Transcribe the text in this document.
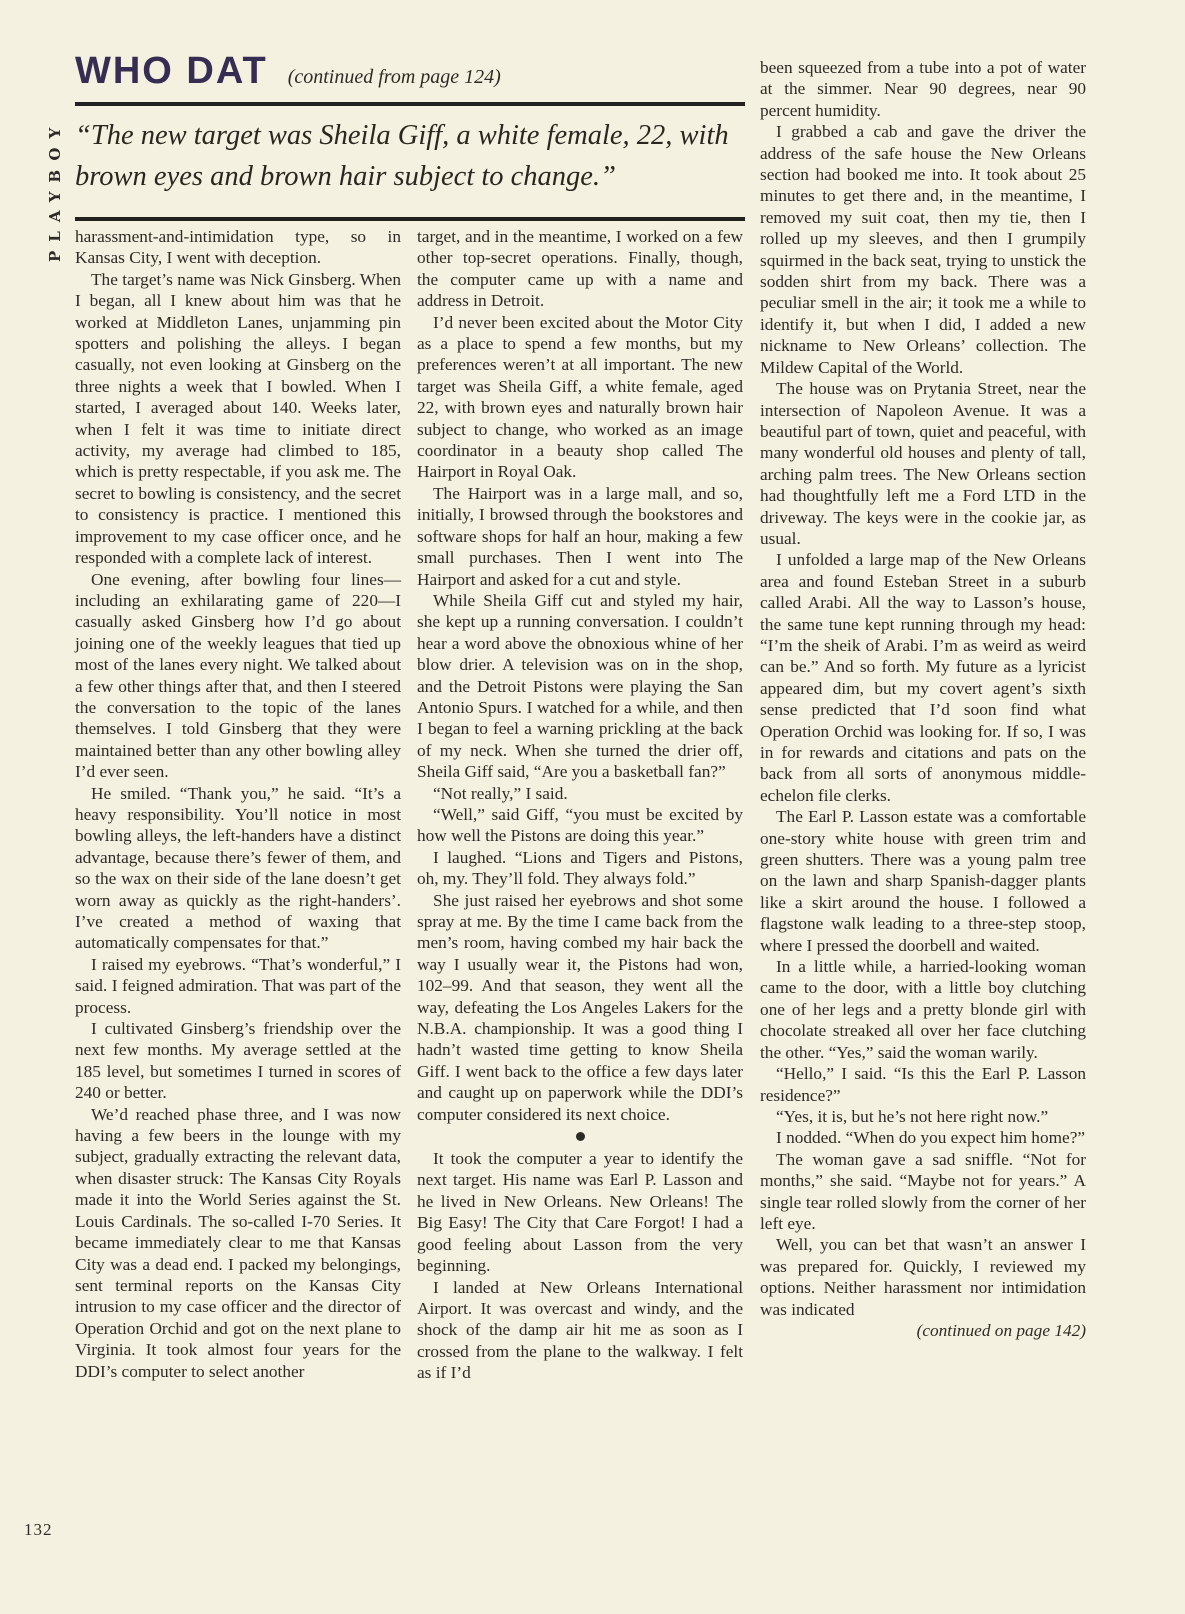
PLAYBOY
132
WHO DAT (continued from page 124)
“The new target was Sheila Giff, a white female, 22, with brown eyes and brown hair subject to change.”

harassment-and-intimidation type, so in Kansas City, I went with deception.

The target’s name was Nick Ginsberg. When I began, all I knew about him was that he worked at Middleton Lanes, unjamming pin spotters and polishing the alleys. I began casually, not even looking at Ginsberg on the three nights a week that I bowled. When I started, I averaged about 140. Weeks later, when I felt it was time to initiate direct activity, my average had climbed to 185, which is pretty respectable, if you ask me. The secret to bowling is consistency, and the secret to consistency is practice. I mentioned this improvement to my case officer once, and he responded with a complete lack of interest.

One evening, after bowling four lines—including an exhilarating game of 220—I casually asked Ginsberg how I’d go about joining one of the weekly leagues that tied up most of the lanes every night. We talked about a few other things after that, and then I steered the conversation to the topic of the lanes themselves. I told Ginsberg that they were maintained better than any other bowling alley I’d ever seen.

He smiled. “Thank you,” he said. “It’s a heavy responsibility. You’ll notice in most bowling alleys, the left-handers have a distinct advantage, because there’s fewer of them, and so the wax on their side of the lane doesn’t get worn away as quickly as the right-handers’. I’ve created a method of waxing that automatically compensates for that.”

I raised my eyebrows. “That’s wonderful,” I said. I feigned admiration. That was part of the process.

I cultivated Ginsberg’s friendship over the next few months. My average settled at the 185 level, but sometimes I turned in scores of 240 or better.

We’d reached phase three, and I was now having a few beers in the lounge with my subject, gradually extracting the relevant data, when disaster struck: The Kansas City Royals made it into the World Series against the St. Louis Cardinals. The so-called I-70 Series. It became immediately clear to me that Kansas City was a dead end. I packed my belongings, sent terminal reports on the Kansas City intrusion to my case officer and the director of Operation Orchid and got on the next plane to Virginia. It took almost four years for the DDI’s computer to select another

target, and in the meantime, I worked on a few other top-secret operations. Finally, though, the computer came up with a name and address in Detroit.

I’d never been excited about the Motor City as a place to spend a few months, but my preferences weren’t at all important. The new target was Sheila Giff, a white female, aged 22, with brown eyes and naturally brown hair subject to change, who worked as an image coordinator in a beauty shop called The Hairport in Royal Oak.

The Hairport was in a large mall, and so, initially, I browsed through the bookstores and software shops for half an hour, making a few small purchases. Then I went into The Hairport and asked for a cut and style.

While Sheila Giff cut and styled my hair, she kept up a running conversation. I couldn’t hear a word above the obnoxious whine of her blow drier. A television was on in the shop, and the Detroit Pistons were playing the San Antonio Spurs. I watched for a while, and then I began to feel a warning prickling at the back of my neck. When she turned the drier off, Sheila Giff said, “Are you a basketball fan?”

“Not really,” I said.

“Well,” said Giff, “you must be excited by how well the Pistons are doing this year.”

I laughed. “Lions and Tigers and Pistons, oh, my. They’ll fold. They always fold.”

She just raised her eyebrows and shot some spray at me. By the time I came back from the men’s room, having combed my hair back the way I usually wear it, the Pistons had won, 102–99. And that season, they went all the way, defeating the Los Angeles Lakers for the N.B.A. championship. It was a good thing I hadn’t wasted time getting to know Sheila Giff. I went back to the office a few days later and caught up on paperwork while the DDI’s computer considered its next choice.

It took the computer a year to identify the next target. His name was Earl P. Lasson and he lived in New Orleans. New Orleans! The Big Easy! The City that Care Forgot! I had a good feeling about Lasson from the very beginning.

I landed at New Orleans International Airport. It was overcast and windy, and the shock of the damp air hit me as soon as I crossed from the plane to the walkway. I felt as if I’d

been squeezed from a tube into a pot of water at the simmer. Near 90 degrees, near 90 percent humidity.

I grabbed a cab and gave the driver the address of the safe house the New Orleans section had booked me into. It took about 25 minutes to get there and, in the meantime, I removed my suit coat, then my tie, then I rolled up my sleeves, and then I grumpily squirmed in the back seat, trying to unstick the sodden shirt from my back. There was a peculiar smell in the air; it took me a while to identify it, but when I did, I added a new nickname to New Orleans’ collection. The Mildew Capital of the World.

The house was on Prytania Street, near the intersection of Napoleon Avenue. It was a beautiful part of town, quiet and peaceful, with many wonderful old houses and plenty of tall, arching palm trees. The New Orleans section had thoughtfully left me a Ford LTD in the driveway. The keys were in the cookie jar, as usual.

I unfolded a large map of the New Orleans area and found Esteban Street in a suburb called Arabi. All the way to Lasson’s house, the same tune kept running through my head: “I’m the sheik of Arabi. I’m as weird as weird can be.” And so forth. My future as a lyricist appeared dim, but my covert agent’s sixth sense predicted that I’d soon find what Operation Orchid was looking for. If so, I was in for rewards and citations and pats on the back from all sorts of anonymous middle-echelon file clerks.

The Earl P. Lasson estate was a comfortable one-story white house with green trim and green shutters. There was a young palm tree on the lawn and sharp Spanish-dagger plants like a skirt around the house. I followed a flagstone walk leading to a three-step stoop, where I pressed the doorbell and waited.

In a little while, a harried-looking woman came to the door, with a little boy clutching one of her legs and a pretty blonde girl with chocolate streaked all over her face clutching the other. “Yes,” said the woman warily.

“Hello,” I said. “Is this the Earl P. Lasson residence?”

“Yes, it is, but he’s not here right now.”

I nodded. “When do you expect him home?”

The woman gave a sad sniffle. “Not for months,” she said. “Maybe not for years.” A single tear rolled slowly from the corner of her left eye.

Well, you can bet that wasn’t an answer I was prepared for. Quickly, I reviewed my options. Neither harassment nor intimidation was indicated

(continued on page 142)
